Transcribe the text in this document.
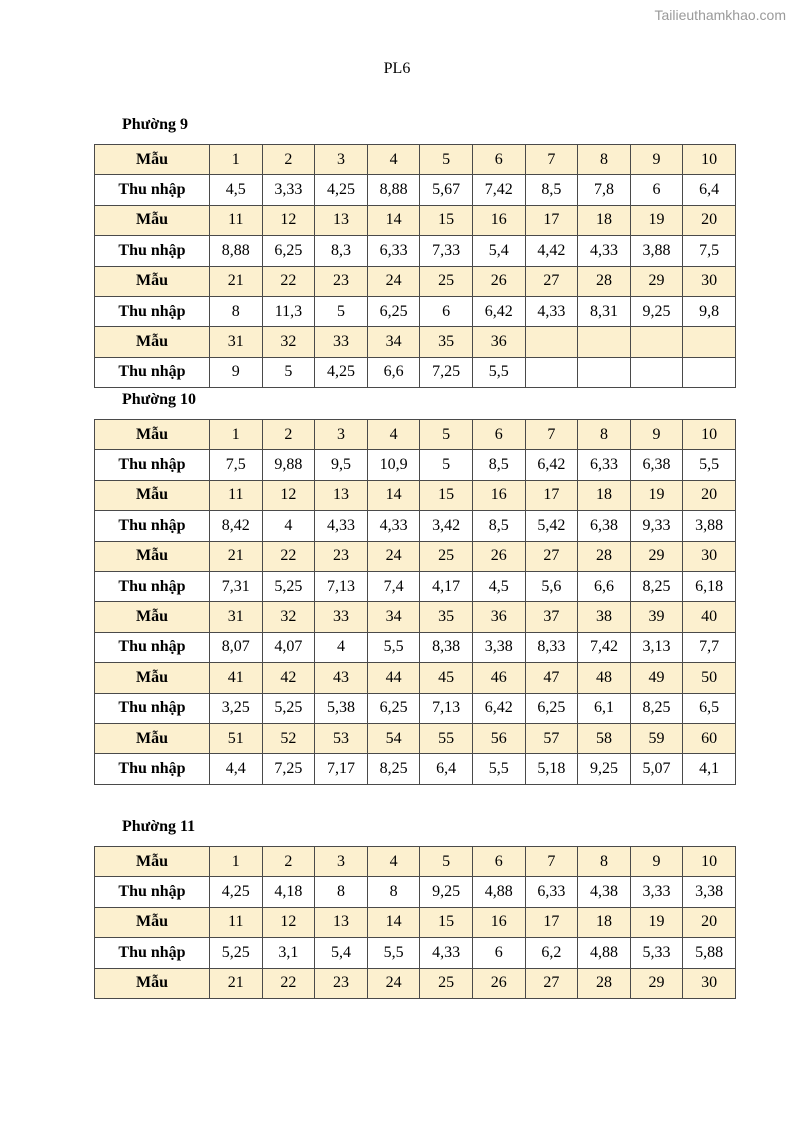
Tailieuthamkhao.com
PL6
Phường 9
Mẫu	1	2	3	4	5	6	7	8	9	10
Thu nhập	4,5	3,33	4,25	8,88	5,67	7,42	8,5	7,8	6	6,4
Mẫu	11	12	13	14	15	16	17	18	19	20
Thu nhập	8,88	6,25	8,3	6,33	7,33	5,4	4,42	4,33	3,88	7,5
Mẫu	21	22	23	24	25	26	27	28	29	30
Thu nhập	8	11,3	5	6,25	6	6,42	4,33	8,31	9,25	9,8
Mẫu	31	32	33	34	35	36				
Thu nhập	9	5	4,25	6,6	7,25	5,5				
Phường 10
Mẫu	1	2	3	4	5	6	7	8	9	10
Thu nhập	7,5	9,88	9,5	10,9	5	8,5	6,42	6,33	6,38	5,5
Mẫu	11	12	13	14	15	16	17	18	19	20
Thu nhập	8,42	4	4,33	4,33	3,42	8,5	5,42	6,38	9,33	3,88
Mẫu	21	22	23	24	25	26	27	28	29	30
Thu nhập	7,31	5,25	7,13	7,4	4,17	4,5	5,6	6,6	8,25	6,18
Mẫu	31	32	33	34	35	36	37	38	39	40
Thu nhập	8,07	4,07	4	5,5	8,38	3,38	8,33	7,42	3,13	7,7
Mẫu	41	42	43	44	45	46	47	48	49	50
Thu nhập	3,25	5,25	5,38	6,25	7,13	6,42	6,25	6,1	8,25	6,5
Mẫu	51	52	53	54	55	56	57	58	59	60
Thu nhập	4,4	7,25	7,17	8,25	6,4	5,5	5,18	9,25	5,07	4,1
Phường 11
Mẫu	1	2	3	4	5	6	7	8	9	10
Thu nhập	4,25	4,18	8	8	9,25	4,88	6,33	4,38	3,33	3,38
Mẫu	11	12	13	14	15	16	17	18	19	20
Thu nhập	5,25	3,1	5,4	5,5	4,33	6	6,2	4,88	5,33	5,88
Mẫu	21	22	23	24	25	26	27	28	29	30
